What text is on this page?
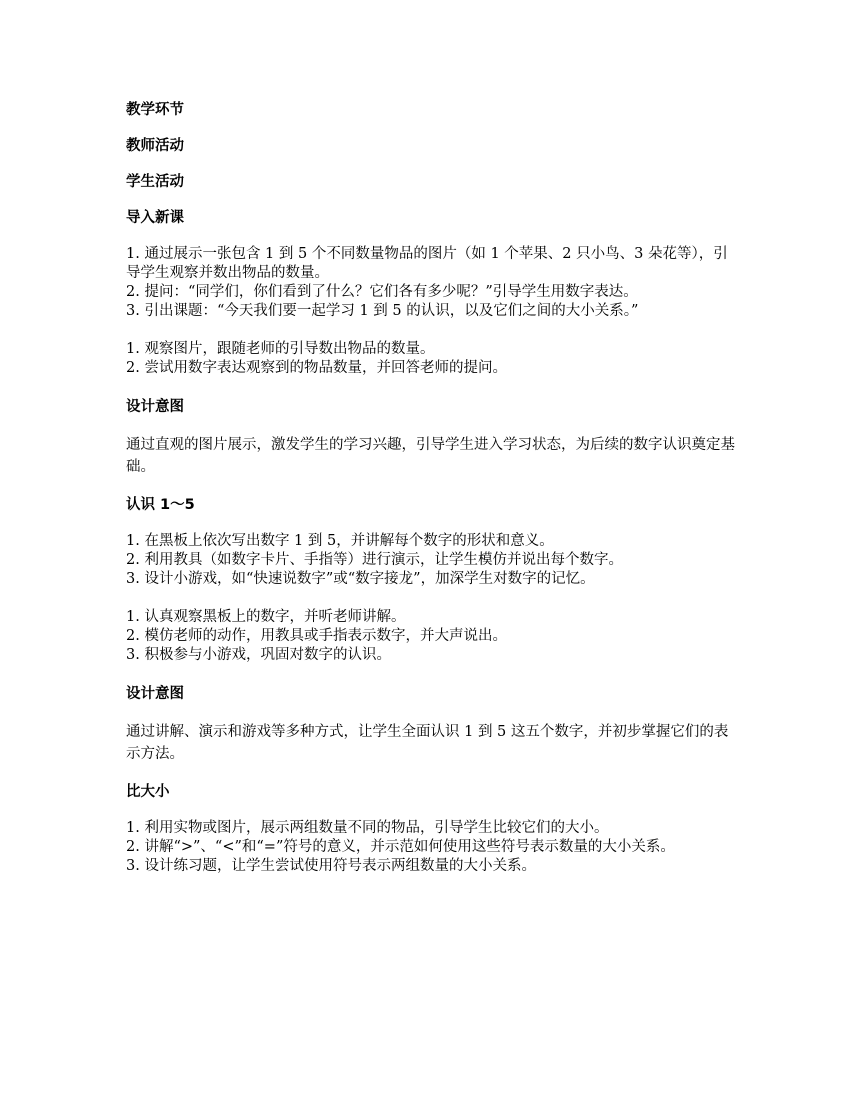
教学环节
教师活动
学生活动
导入新课
1. 通过展示一张包含 1 到 5 个不同数量物品的图片（如 1 个苹果、2 只小鸟、3 朵花等），引导学生观察并数出物品的数量。
2. 提问：“同学们，你们看到了什么？它们各有多少呢？”引导学生用数字表达。
3. 引出课题：“今天我们要一起学习 1 到 5 的认识，以及它们之间的大小关系。”
1. 观察图片，跟随老师的引导数出物品的数量。
2. 尝试用数字表达观察到的物品数量，并回答老师的提问。
设计意图
通过直观的图片展示，激发学生的学习兴趣，引导学生进入学习状态，为后续的数字认识奠定基础。
认识 1～5
1. 在黑板上依次写出数字 1 到 5，并讲解每个数字的形状和意义。
2. 利用教具（如数字卡片、手指等）进行演示，让学生模仿并说出每个数字。
3. 设计小游戏，如“快速说数字”或“数字接龙”，加深学生对数字的记忆。
1. 认真观察黑板上的数字，并听老师讲解。
2. 模仿老师的动作，用教具或手指表示数字，并大声说出。
3. 积极参与小游戏，巩固对数字的认识。
设计意图
通过讲解、演示和游戏等多种方式，让学生全面认识 1 到 5 这五个数字，并初步掌握它们的表示方法。
比大小
1. 利用实物或图片，展示两组数量不同的物品，引导学生比较它们的大小。
2. 讲解“>”、“<”和“=”符号的意义，并示范如何使用这些符号表示数量的大小关系。
3. 设计练习题，让学生尝试使用符号表示两组数量的大小关系。
